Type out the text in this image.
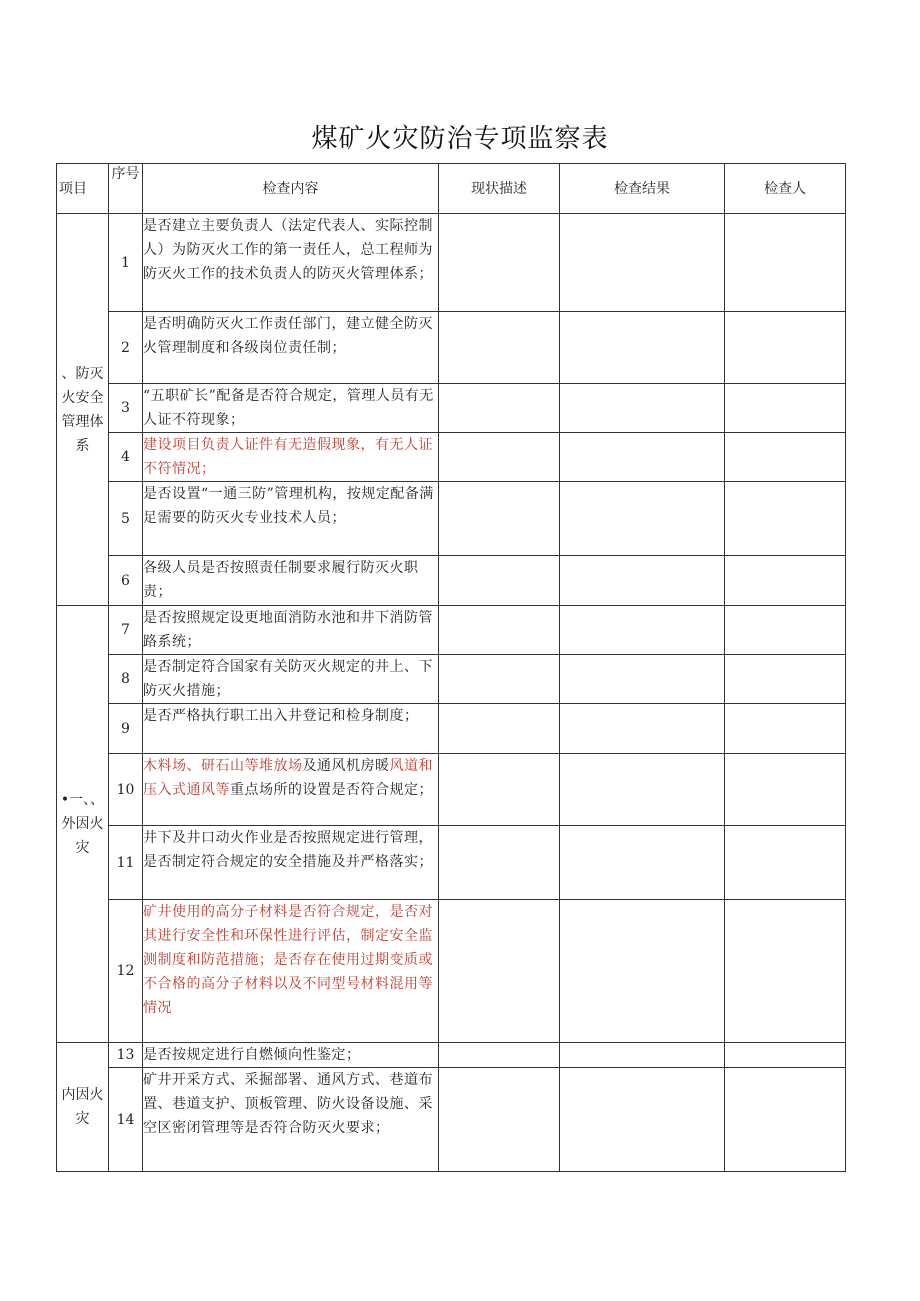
煤矿火灾防治专项监察表
项目	序号	检查内容	现状描述	检查结果	检查人
、防灭火安全管理体系	1	是否建立主要负责人（法定代表人、实际控制人）为防灭火工作的第一责任人，总工程师为防灭火工作的技术负责人的防灭火管理体系；			
	2	是否明确防灭火工作责任部门，建立健全防灭火管理制度和各级岗位责任制；			
	3	“五职矿长”配备是否符合规定，管理人员有无人证不符现象；			
	4	建设项目负责人证件有无造假现象，有无人证不符情况；			
	5	是否设置“一通三防”管理机构，按规定配备满足需要的防灭火专业技术人员；			
	6	各级人员是否按照责任制要求履行防灭火职责；			
•一、、外因火灾	7	是否按照规定设更地面消防水池和井下消防管路系统；			
	8	是否制定符合国家有关防灭火规定的井上、下防灭火措施；			
	9	是否严格执行职工出入井登记和检身制度；			
	10	木料场、研石山等堆放场及通风机房暖风道和压入式通风等重点场所的设置是否符合规定；			
	11	井下及井口动火作业是否按照规定进行管理，是否制定符合规定的安全措施及并严格落实；			
	12	矿井使用的高分子材料是否符合规定，是否对其进行安全性和环保性进行评估，制定安全监测制度和防范措施；是否存在使用过期变质或不合格的高分子材料以及不同型号材料混用等情况			
内因火灾	13	是否按规定进行自燃倾向性鉴定；			
	14	矿井开采方式、采掘部署、通风方式、巷道布置、巷道支护、顶板管理、防火设备设施、采空区密闭管理等是否符合防灭火要求；			
